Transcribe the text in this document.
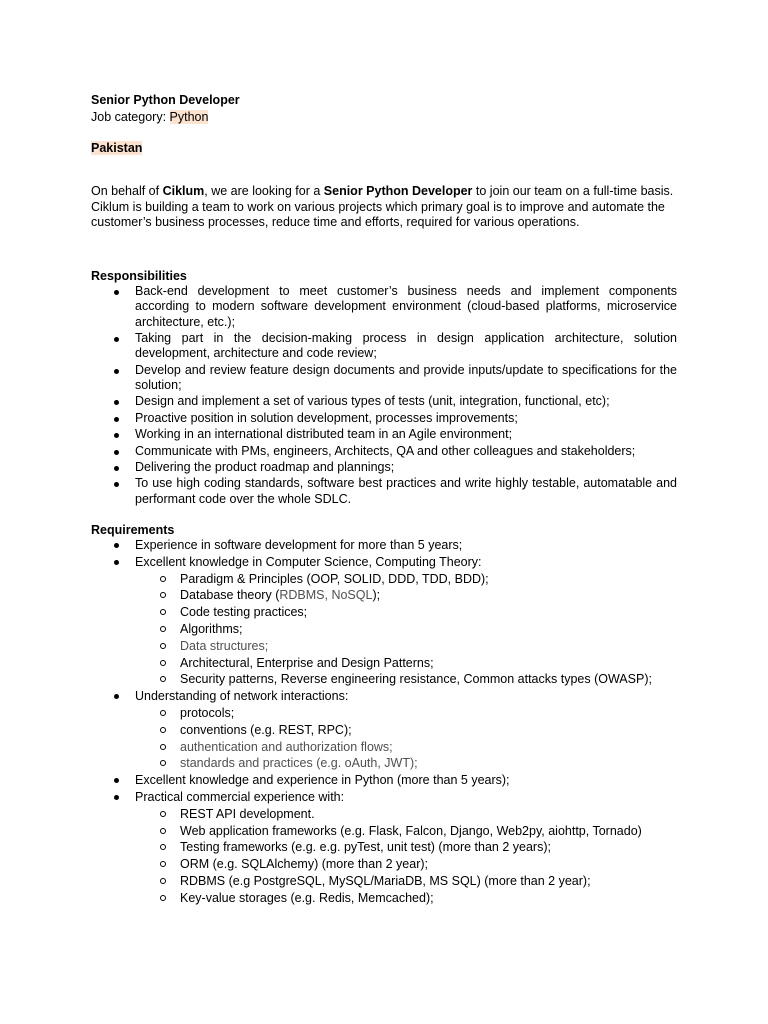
Senior Python Developer
Job category: Python
Pakistan
On behalf of Ciklum, we are looking for a Senior Python Developer to join our team on a full-time basis. Ciklum is building a team to work on various projects which primary goal is to improve and automate the customer’s business processes, reduce time and efforts, required for various operations.
Responsibilities
Back-end development to meet customer’s business needs and implement components according to modern software development environment (cloud-based platforms, microservice architecture, etc.);
Taking part in the decision-making process in design application architecture, solution development, architecture and code review;
Develop and review feature design documents and provide inputs/update to specifications for the solution;
Design and implement a set of various types of tests (unit, integration, functional, etc);
Proactive position in solution development, processes improvements;
Working in an international distributed team in an Agile environment;
Communicate with PMs, engineers, Architects, QA and other colleagues and stakeholders;
Delivering the product roadmap and plannings;
To use high coding standards, software best practices and write highly testable, automatable and performant code over the whole SDLC.
Requirements
Experience in software development for more than 5 years;
Excellent knowledge in Computer Science, Computing Theory:
Paradigm & Principles (OOP, SOLID, DDD, TDD, BDD);
Database theory (RDBMS, NoSQL);
Code testing practices;
Algorithms;
Data structures;
Architectural, Enterprise and Design Patterns;
Security patterns, Reverse engineering resistance, Common attacks types (OWASP);
Understanding of network interactions:
protocols;
conventions (e.g. REST, RPC);
authentication and authorization flows;
standards and practices (e.g. oAuth, JWT);
Excellent knowledge and experience in Python (more than 5 years);
Practical commercial experience with:
REST API development.
Web application frameworks (e.g. Flask, Falcon, Django, Web2py, aiohttp, Tornado)
Testing frameworks (e.g. e.g. pyTest, unit test) (more than 2 years);
ORM (e.g. SQLAlchemy) (more than 2 year);
RDBMS (e.g PostgreSQL, MySQL/MariaDB, MS SQL) (more than 2 year);
Key-value storages (e.g. Redis, Memcached);
